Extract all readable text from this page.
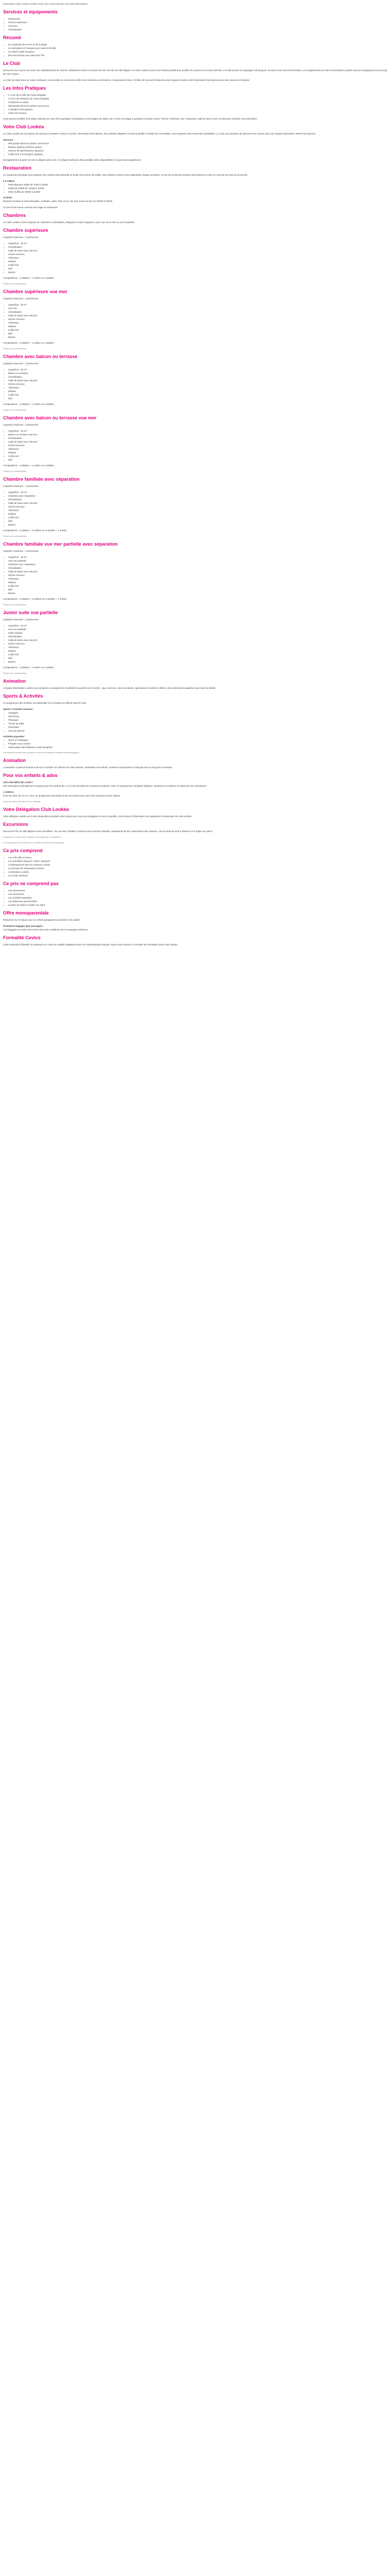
Descriptive Club Lookéa Lookéa Sens Lab Azores (photos and hotel description)

Services et équipements
• Restaurant
• Piscine extérieure
• Services
• Climatisation
Résumé
• En surplomb de la mer et de la plage
• Un animation en français pour toute la famille
• Un hôtel à taille humaine
• Des excursions pour découvrir l'île
Le Club

Découvrez les Açores au cœur d'un établissement de charme, idéalement situé en bordure de mer sur l'île de São Miguel. Le Club Lookéa Azores est l'endroit parfait pour profiter de vacances en toute sérénité, à la découverte de paysages volcaniques, de lacs et de sources thermales. Les équipements du club et l'animation Lookéa vous accompagnent tout au long de votre séjour.

Le club est situé dans un cadre verdoyant, à proximité du centre de la ville et de nombreux commerces, restaurants et bars. Profitez de l'accueil chaleureux des équipes locales et de l'animation francophone pour des vacances réussies.

Les Infos Pratiques
• À 2 km de la ville de Ponta Delgada
• À 5 km de l'aéroport de Ponta Delgada
• Chambres et suites
• Wifi gratuit dans les parties communes
• Animation francophone
• Hôtel non-fumeur

Vous pourrez profiter d'un séjour détente au cœur des paysages volcaniques et des plages de sable noir. Accès à la plage à quelques minutes à pied. Piscine extérieure, bar, restaurant, salle de sport et de nombreuses activités vous attendent.

Votre Club Lookéa

Le Club Lookéa est synonyme de vacances réussies ! Entre le confort, l'animation francophone, les activités adaptées à toute la famille et l'esprit de convivialité, vous passerez des moments inoubliables. Le club vous propose de découvrir les Açores avec une équipe d'animation 100% francophone.

Services :
• Wifi gratuit dans les parties communes
• Espace parking extérieur gratuit
• Service de blanchisserie (payant)
• Coffre-fort à la réception (gratuit)

Enregistrement à partir de 15h et départ avant 12h. Un départ tardif peut être possible selon disponibilité et moyennant supplément.

Restauration

Un restaurant principal vous propose une cuisine internationale et locale sous forme de buffet. Des soirées à thème sont organisées chaque semaine. Le bar de la piscine propose des boissons et des en-cas tout au long de la journée.

LA TABLE
• Petit déjeuner buffet de 7h30 à 10h00
• Déjeuner buffet de 12h30 à 14h30
• Dîner buffet de 19h00 à 21h30
LE BAR

Boissons locales et internationales, cocktails, cafés, thés et en-cas sont servis au bar de 10h00 à 23h00.

Le port d'une tenue correcte est exigé au restaurant.

Chambres

Le Club Lookéa Azores dispose de chambres confortables, élégantes et bien équipées, avec vue sur la mer ou sur les jardins.

Chambre supérieure

Capacité maximum : 3 personnes

• Superficie : 25 m²
• Climatisation
• Salle de bains avec douche
• Sèche-cheveux
• Télévision
• Minibar
• Coffre-fort
• Wifi
• Balcon

Compositions : 2 adultes + 1 enfant ou 3 adultes.

Photos non contractuelles.

Chambre supérieure vue mer

Capacité maximum : 3 personnes

• Superficie : 25 m²
• Vue mer
• Climatisation
• Salle de bains avec douche
• Sèche-cheveux
• Télévision
• Minibar
• Coffre-fort
• Wifi
• Balcon

Compositions : 2 adultes + 1 enfant ou 3 adultes.

Photos non contractuelles.

Chambre avec balcon ou terrasse

Capacité maximum : 3 personnes

• Superficie : 25 m²
• Balcon ou terrasse
• Climatisation
• Salle de bains avec douche
• Sèche-cheveux
• Télévision
• Minibar
• Coffre-fort
• Wifi

Compositions : 2 adultes + 1 enfant ou 3 adultes.

Photos non contractuelles.

Chambre avec balcon ou terrasse vue mer

Capacité maximum : 3 personnes

• Superficie : 25 m²
• Balcon ou terrasse vue mer
• Climatisation
• Salle de bains avec douche
• Sèche-cheveux
• Télévision
• Minibar
• Coffre-fort
• Wifi

Compositions : 2 adultes + 1 enfant ou 3 adultes.

Photos non contractuelles.

Chambre familiale avec séparation

Capacité maximum : 4 personnes

• Superficie : 35 m²
• Chambre avec séparation
• Climatisation
• Salle de bains avec douche
• Sèche-cheveux
• Télévision
• Minibar
• Coffre-fort
• Wifi
• Balcon

Compositions : 2 adultes + 2 enfants ou 3 adultes + 1 enfant.

Photos non contractuelles.

Chambre familiale vue mer partielle avec séparation

Capacité maximum : 4 personnes

• Superficie : 35 m²
• Vue mer partielle
• Chambre avec séparation
• Climatisation
• Salle de bains avec douche
• Sèche-cheveux
• Télévision
• Minibar
• Coffre-fort
• Wifi
• Balcon

Compositions : 2 adultes + 2 enfants ou 3 adultes + 1 enfant.

Photos non contractuelles.

Junior suite vue partielle

Capacité maximum : 3 personnes

• Superficie : 40 m²
• Vue mer partielle
• Salon séparé
• Climatisation
• Salle de bains avec douche
• Sèche-cheveux
• Télévision
• Minibar
• Coffre-fort
• Wifi
• Balcon

Compositions : 2 adultes + 1 enfant ou 3 adultes.

Photos non contractuelles.

Animation

L'équipe d'animation Lookéa vous propose un programme d'activités en journée et en soirée : jeux, tournois, cours de danse, spectacles et soirées à thème. Des animations adaptées pour toute la famille.

Sports & Activités

Le programme des activités est disponible à la réception et affiché dans le club.

Sports / Activités incluses :
• Aquagym
• Stretching
• Pétanque
• Tennis de table
• Fléchettes
• Jeux de piscine
Activités payantes :
• Soins et massages
• Plongée sous-marine
• Observation des baleines et des dauphins

Les activités peuvent être annulées en cas de mauvaises conditions météorologiques.

Animation

L'animation Lookéa fonctionne de mai à octobre. En dehors de cette période, l'animation est réduite. Soirées et spectacles en français tout au long de la semaine.

Pour vos enfants & ados
LES ATELIERS DE LOOKY

Des animations spécialement conçues pour les enfants de 4 à 12 ans pendant les vacances scolaires, avec un programme d'activités ludiques, sportives et créatives encadré par nos animateurs.

L'AFRICA

Pour les ados de 13 à 17 ans, un programme d'activités et de rencontres pour vivre des vacances à leur rythme.

Selon les dates d'ouverture et les effectifs.

Votre Délégation Club Lookéa

Votre délégué Lookéa est à votre disposition pendant votre séjour pour vous accompagner et vous conseiller. Une réunion d'information est organisée le lendemain de votre arrivée.

Excursions

Découvrez l'île de São Miguel et ses merveilles : lac de Sete Cidades, Furnas et ses sources chaudes, plantations de thé, observation des cétacés. Les excursions sont à réserver et à régler sur place.

Programme et tarifs à titre indicatif, susceptibles de modifications.

Les excursions sont soumises à un nombre minimum de participants.

Ce prix comprend
• Les vols aller et retour
• Les transferts aéroport / hôtel / aéroport
• L'hébergement dans la chambre choisie
• La formule de restauration choisie
• L'animation Lookéa
• Les taxes aéroport
Ce prix ne comprend pas
• Les assurances
• Les excursions
• Les activités payantes
• Les dépenses personnelles
• La taxe de séjour à régler sur place
Offre monoparentale

Réduction sur le séjour pour un enfant partageant la chambre d'un adulte.

Promotion bagages (par passager) :

Les bagages en soute sont inclus selon les conditions de la compagnie aérienne.

Formalité Cevico

Carte nationale d'identité ou passeport en cours de validité obligatoire pour les ressortissants français. Nous vous invitons à consulter les formalités avant votre départ.
